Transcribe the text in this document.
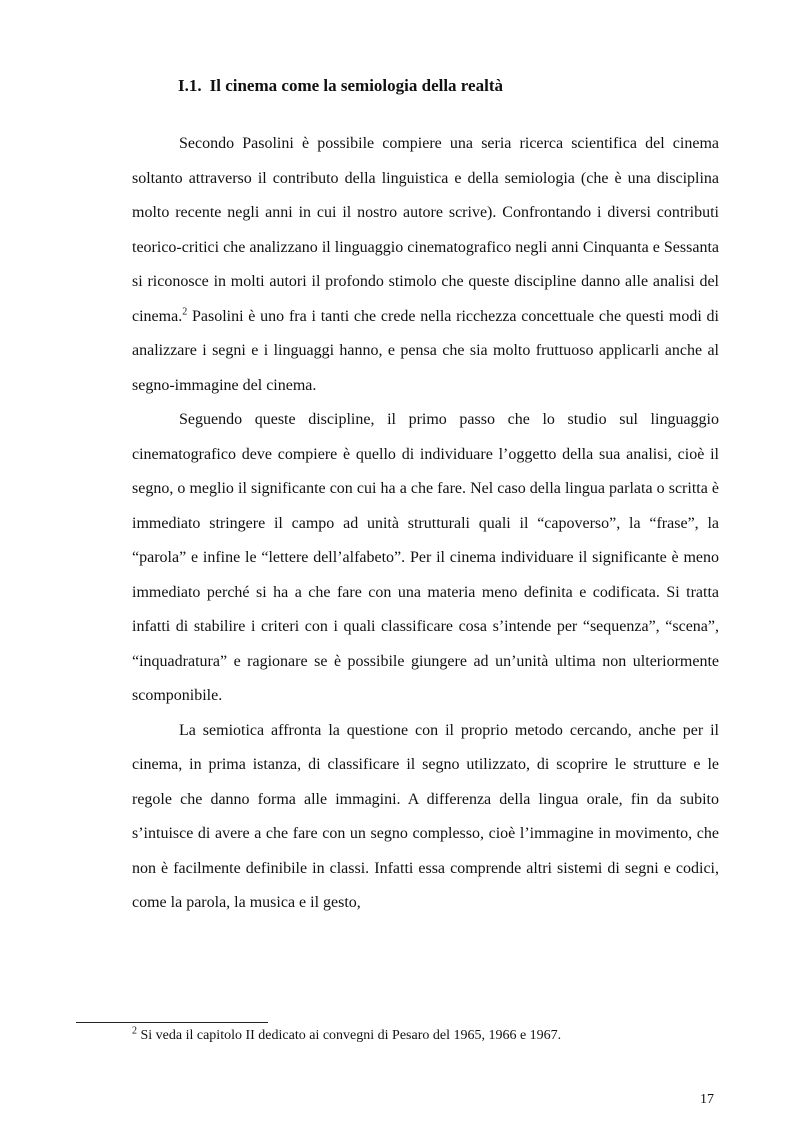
I.1. Il cinema come la semiologia della realtà

Secondo Pasolini è possibile compiere una seria ricerca scientifica del cinema soltanto attraverso il contributo della linguistica e della semiologia (che è una disciplina molto recente negli anni in cui il nostro autore scrive). Confrontando i diversi contributi teorico-critici che analizzano il linguaggio cinematografico negli anni Cinquanta e Sessanta si riconosce in molti autori il profondo stimolo che queste discipline danno alle analisi del cinema.$^2$ Pasolini è uno fra i tanti che crede nella ricchezza concettuale che questi modi di analizzare i segni e i linguaggi hanno, e pensa che sia molto fruttuoso applicarli anche al segno-immagine del cinema.

Seguendo queste discipline, il primo passo che lo studio sul linguaggio cinematografico deve compiere è quello di individuare l’oggetto della sua analisi, cioè il segno, o meglio il significante con cui ha a che fare. Nel caso della lingua parlata o scritta è immediato stringere il campo ad unità strutturali quali il “capoverso”, la “frase”, la “parola” e infine le “lettere dell’alfabeto”. Per il cinema individuare il significante è meno immediato perché si ha a che fare con una materia meno definita e codificata. Si tratta infatti di stabilire i criteri con i quali classificare cosa s’intende per “sequenza”, “scena”, “inquadratura” e ragionare se è possibile giungere ad un’unità ultima non ulteriormente scomponibile.

La semiotica affronta la questione con il proprio metodo cercando, anche per il cinema, in prima istanza, di classificare il segno utilizzato, di scoprire le strutture e le regole che danno forma alle immagini. A differenza della lingua orale, fin da subito s’intuisce di avere a che fare con un segno complesso, cioè l’immagine in movimento, che non è facilmente definibile in classi. Infatti essa comprende altri sistemi di segni e codici, come la parola, la musica e il gesto,

$^2$ Si veda il capitolo II dedicato ai convegni di Pesaro del 1965, 1966 e 1967.
17
